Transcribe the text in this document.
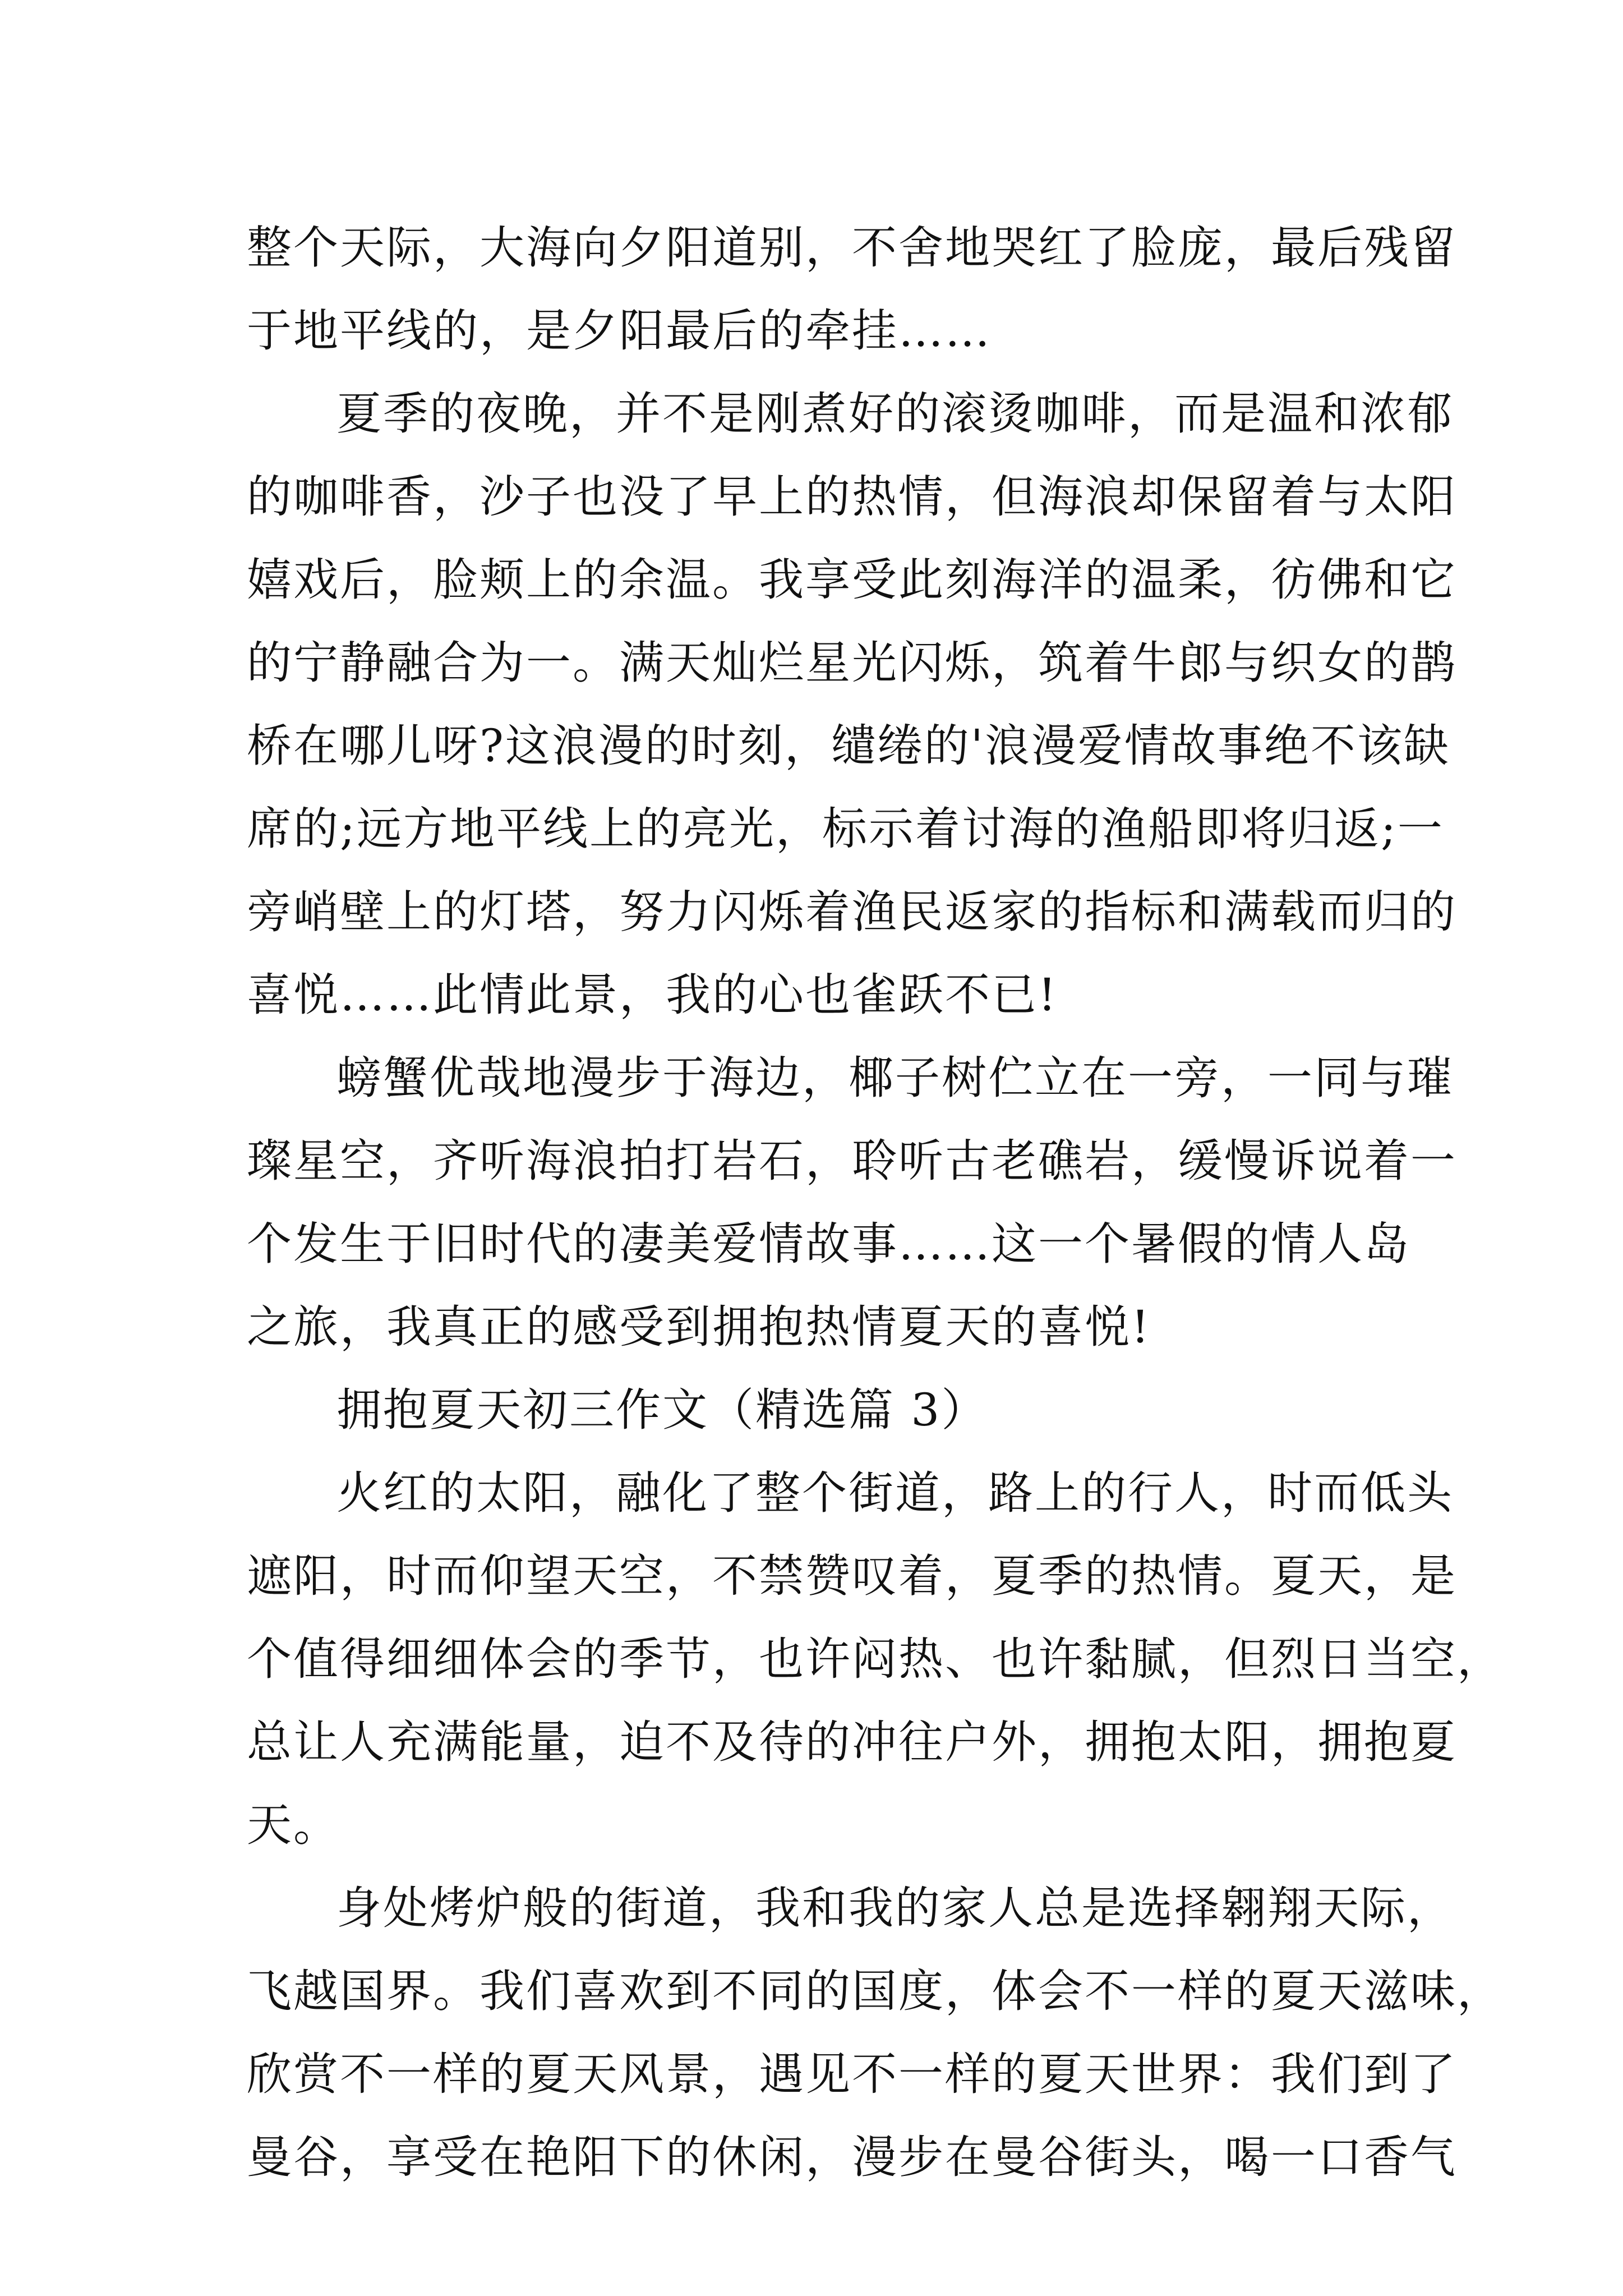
整个天际，大海向夕阳道别，不舍地哭红了脸庞，最后残留
于地平线的，是夕阳最后的牵挂……
夏季的夜晚，并不是刚煮好的滚烫咖啡，而是温和浓郁
的咖啡香，沙子也没了早上的热情，但海浪却保留着与太阳
嬉戏后，脸颊上的余温。我享受此刻海洋的温柔，彷佛和它
的宁静融合为一。满天灿烂星光闪烁，筑着牛郎与织女的鹊
桥在哪儿呀?这浪漫的时刻，缱绻的'浪漫爱情故事绝不该缺
席的;远方地平线上的亮光，标示着讨海的渔船即将归返;一
旁峭壁上的灯塔，努力闪烁着渔民返家的指标和满载而归的
喜悦……此情此景，我的心也雀跃不已!
螃蟹优哉地漫步于海边，椰子树伫立在一旁，一同与璀
璨星空，齐听海浪拍打岩石，聆听古老礁岩，缓慢诉说着一
个发生于旧时代的凄美爱情故事……这一个暑假的情人岛
之旅，我真正的感受到拥抱热情夏天的喜悦!
拥抱夏天初三作文（精选篇 3）
火红的太阳，融化了整个街道，路上的行人，时而低头
遮阳，时而仰望天空，不禁赞叹着，夏季的热情。夏天，是
个值得细细体会的季节，也许闷热、也许黏腻，但烈日当空，
总让人充满能量，迫不及待的冲往户外，拥抱太阳，拥抱夏
天。
身处烤炉般的街道，我和我的家人总是选择翱翔天际，
飞越国界。我们喜欢到不同的国度，体会不一样的夏天滋味，
欣赏不一样的夏天风景，遇见不一样的夏天世界：我们到了
曼谷，享受在艳阳下的休闲，漫步在曼谷街头，喝一口香气
